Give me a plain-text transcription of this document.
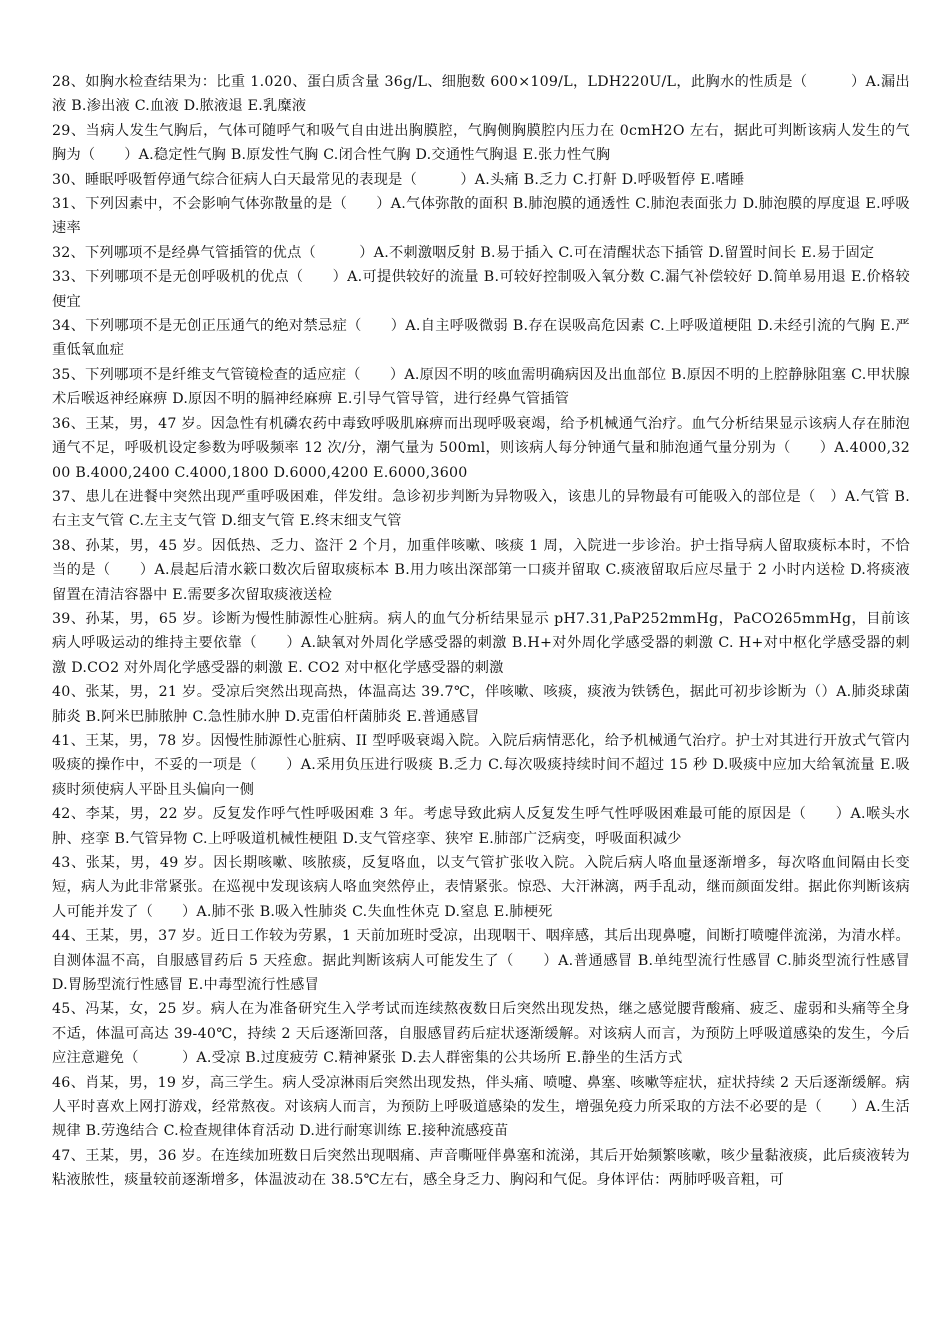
28、如胸水检查结果为：比重 1.020、蛋白质含量 36g/L、细胞数 600×109/L，LDH220U/L，此胸水的性质是（　　　）A.漏出液 B.渗出液 C.血液 D.脓液退 E.乳糜液

29、当病人发生气胸后，气体可随呼气和吸气自由进出胸膜腔，气胸侧胸膜腔内压力在 0cmH2O 左右，据此可判断该病人发生的气胸为（　　）A.稳定性气胸 B.原发性气胸 C.闭合性气胸 D.交通性气胸退 E.张力性气胸

30、睡眠呼吸暂停通气综合征病人白天最常见的表现是（　　　）A.头痛 B.乏力 C.打鼾 D.呼吸暂停 E.嗜睡

31、下列因素中，不会影响气体弥散量的是（　　）A.气体弥散的面积 B.肺泡膜的通透性 C.肺泡表面张力 D.肺泡膜的厚度退 E.呼吸速率

32、下列哪项不是经鼻气管插管的优点（　　　）A.不刺激咽反射 B.易于插入 C.可在清醒状态下插管 D.留置时间长 E.易于固定

33、下列哪项不是无创呼吸机的优点（　　）A.可提供较好的流量 B.可较好控制吸入氧分数 C.漏气补偿较好 D.简单易用退 E.价格较便宜

34、下列哪项不是无创正压通气的绝对禁忌症（　　）A.自主呼吸微弱 B.存在误吸高危因素 C.上呼吸道梗阻 D.未经引流的气胸 E.严重低氧血症

35、下列哪项不是纤维支气管镜检查的适应症（　　）A.原因不明的咳血需明确病因及出血部位 B.原因不明的上腔静脉阻塞 C.甲状腺术后喉返神经麻痹 D.原因不明的膈神经麻痹 E.引导气管导管，进行经鼻气管插管

36、王某，男，47 岁。因急性有机磷农药中毒致呼吸肌麻痹而出现呼吸衰竭，给予机械通气治疗。血气分析结果显示该病人存在肺泡通气不足，呼吸机设定参数为呼吸频率 12 次/分，潮气量为 500ml，则该病人每分钟通气量和肺泡通气量分别为（　　）A.4000,3200 B.4000,2400 C.4000,1800 D.6000,4200 E.6000,3600

37、患儿在进餐中突然出现严重呼吸困难，伴发绀。急诊初步判断为异物吸入，该患儿的异物最有可能吸入的部位是（　）A.气管 B.右主支气管 C.左主支气管 D.细支气管 E.终末细支气管

38、孙某，男，45 岁。因低热、乏力、盗汗 2 个月，加重伴咳嗽、咳痰 1 周，入院进一步诊治。护士指导病人留取痰标本时，不恰当的是（　　）A.晨起后清水簌口数次后留取痰标本 B.用力咳出深部第一口痰并留取 C.痰液留取后应尽量于 2 小时内送检 D.将痰液留置在清洁容器中 E.需要多次留取痰液送检

39、孙某，男，65 岁。诊断为慢性肺源性心脏病。病人的血气分析结果显示 pH7.31,PaP252mmHg，PaCO265mmHg，目前该病人呼吸运动的维持主要依靠（　　）A.缺氧对外周化学感受器的刺激 B.H+对外周化学感受器的刺激 C. H+对中枢化学感受器的刺激 D.CO2 对外周化学感受器的刺激 E. CO2 对中枢化学感受器的刺激

40、张某，男，21 岁。受凉后突然出现高热，体温高达 39.7℃，伴咳嗽、咳痰，痰液为铁锈色，据此可初步诊断为（）A.肺炎球菌肺炎 B.阿米巴肺脓肿 C.急性肺水肿 D.克雷伯杆菌肺炎 E.普通感冒

41、王某，男，78 岁。因慢性肺源性心脏病、II 型呼吸衰竭入院。入院后病情恶化，给予机械通气治疗。护士对其进行开放式气管内吸痰的操作中，不妥的一项是（　　）A.采用负压进行吸痰 B.乏力 C.每次吸痰持续时间不超过 15 秒 D.吸痰中应加大给氧流量 E.吸痰时须使病人平卧且头偏向一侧

42、李某，男，22 岁。反复发作呼气性呼吸困难 3 年。考虑导致此病人反复发生呼气性呼吸困难最可能的原因是（　　）A.喉头水肿、痉挛 B.气管异物 C.上呼吸道机械性梗阻 D.支气管痉挛、狭窄 E.肺部广泛病变，呼吸面积减少

43、张某，男，49 岁。因长期咳嗽、咳脓痰，反复咯血，以支气管扩张收入院。入院后病人咯血量逐渐增多，每次咯血间隔由长变短，病人为此非常紧张。在巡视中发现该病人咯血突然停止，表情紧张。惊恐、大汗淋漓，两手乱动，继而颜面发绀。据此你判断该病人可能并发了（　　）A.肺不张 B.吸入性肺炎 C.失血性休克 D.窒息 E.肺梗死

44、王某，男，37 岁。近日工作较为劳累，1 天前加班时受凉，出现咽干、咽痒感，其后出现鼻嚏，间断打喷嚏伴流涕，为清水样。自测体温不高，自服感冒药后 5 天痊愈。据此判断该病人可能发生了（　　）A.普通感冒 B.单纯型流行性感冒 C.肺炎型流行性感冒 D.胃肠型流行性感冒 E.中毒型流行性感冒

45、冯某，女，25 岁。病人在为准备研究生入学考试而连续熬夜数日后突然出现发热，继之感觉腰背酸痛、疲乏、虚弱和头痛等全身不适，体温可高达 39-40℃，持续 2 天后逐渐回落，自服感冒药后症状逐渐缓解。对该病人而言，为预防上呼吸道感染的发生，今后应注意避免（　　　）A.受凉 B.过度疲劳 C.精神紧张 D.去人群密集的公共场所 E.静坐的生活方式

46、肖某，男，19 岁，高三学生。病人受凉淋雨后突然出现发热，伴头痛、喷嚏、鼻塞、咳嗽等症状，症状持续 2 天后逐渐缓解。病人平时喜欢上网打游戏，经常熬夜。对该病人而言，为预防上呼吸道感染的发生，增强免疫力所采取的方法不必要的是（　　）A.生活规律 B.劳逸结合 C.检查规律体育活动 D.进行耐寒训练 E.接种流感疫苗

47、王某，男，36 岁。在连续加班数日后突然出现咽痛、声音嘶哑伴鼻塞和流涕，其后开始频繁咳嗽，咳少量黏液痰，此后痰液转为粘液脓性，痰量较前逐渐增多，体温波动在 38.5℃左右，感全身乏力、胸闷和气促。身体评估：两肺呼吸音粗，可
